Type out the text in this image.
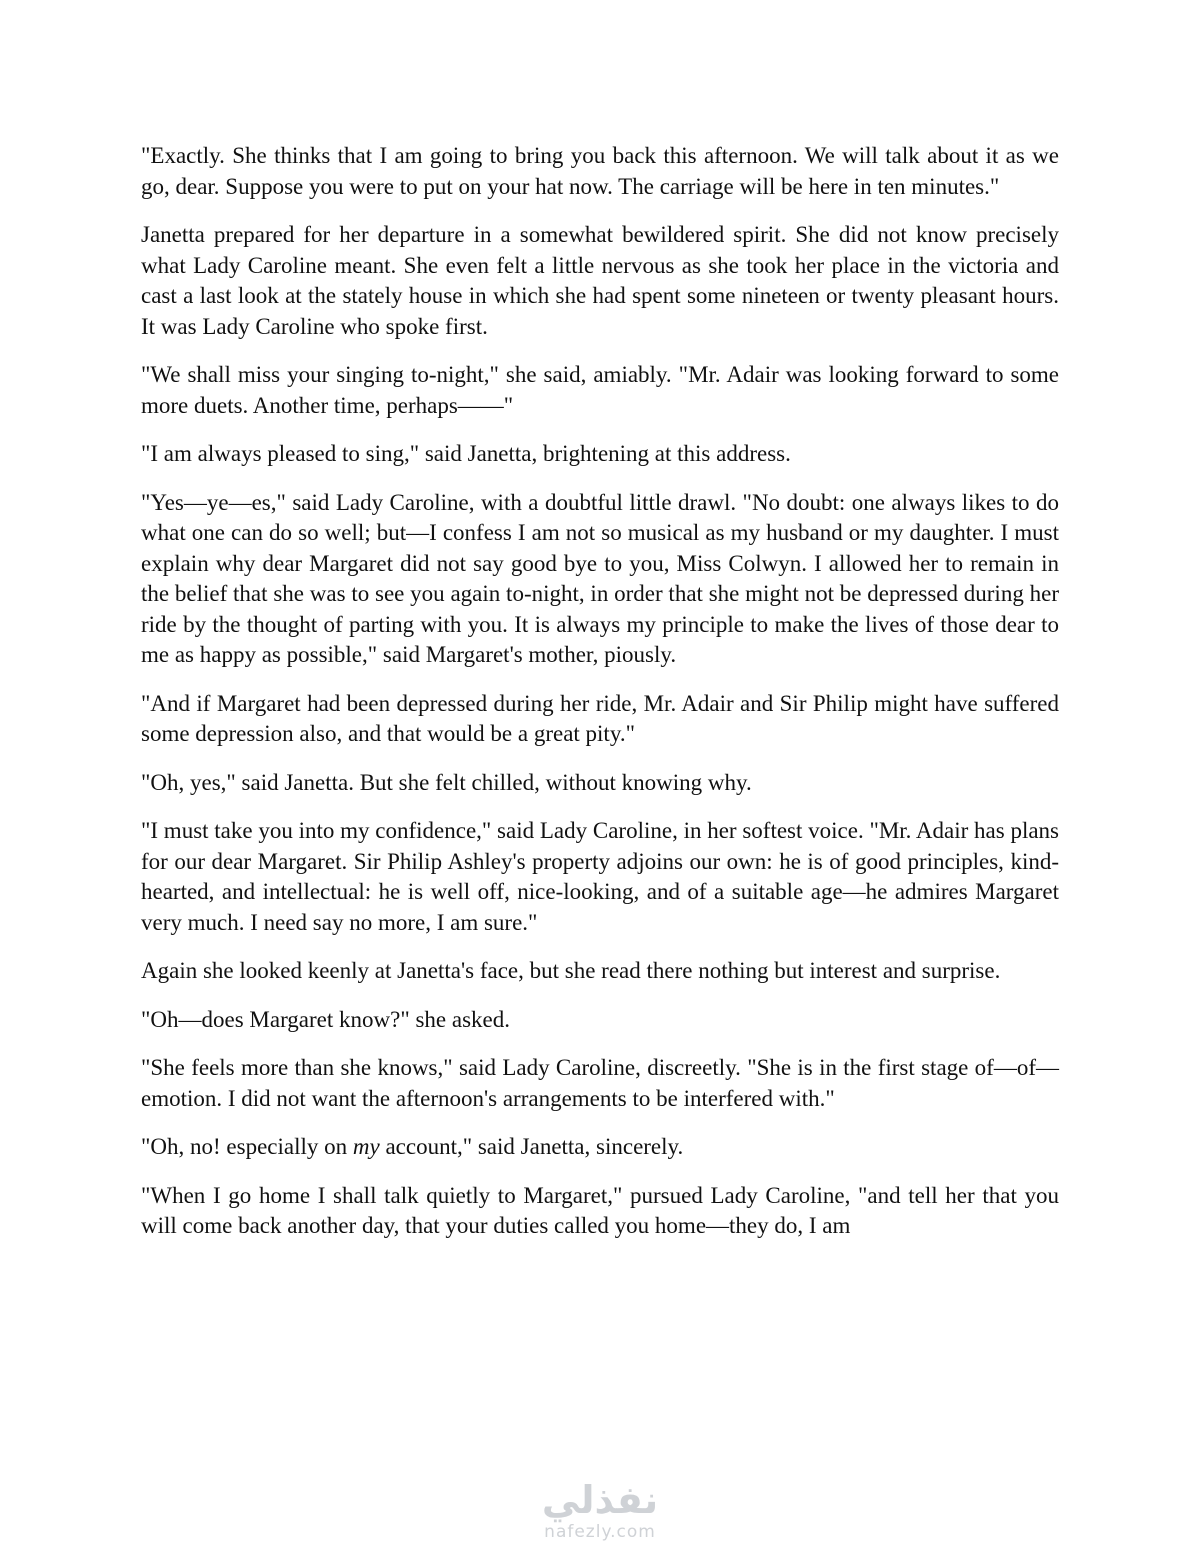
"Exactly. She thinks that I am going to bring you back this afternoon. We will talk about it as we go, dear. Suppose you were to put on your hat now. The carriage will be here in ten minutes."

Janetta prepared for her departure in a somewhat bewildered spirit. She did not know precisely what Lady Caroline meant. She even felt a little nervous as she took her place in the victoria and cast a last look at the stately house in which she had spent some nineteen or twenty pleasant hours. It was Lady Caroline who spoke first.

"We shall miss your singing to-night," she said, amiably. "Mr. Adair was looking forward to some more duets. Another time, perhaps——"

"I am always pleased to sing," said Janetta, brightening at this address.

"Yes—ye—es," said Lady Caroline, with a doubtful little drawl. "No doubt: one always likes to do what one can do so well; but—I confess I am not so musical as my husband or my daughter. I must explain why dear Margaret did not say good bye to you, Miss Colwyn. I allowed her to remain in the belief that she was to see you again to-night, in order that she might not be depressed during her ride by the thought of parting with you. It is always my principle to make the lives of those dear to me as happy as possible," said Margaret's mother, piously.

"And if Margaret had been depressed during her ride, Mr. Adair and Sir Philip might have suffered some depression also, and that would be a great pity."

"Oh, yes," said Janetta. But she felt chilled, without knowing why.

"I must take you into my confidence," said Lady Caroline, in her softest voice. "Mr. Adair has plans for our dear Margaret. Sir Philip Ashley's property adjoins our own: he is of good principles, kind-hearted, and intellectual: he is well off, nice-looking, and of a suitable age—he admires Margaret very much. I need say no more, I am sure."

Again she looked keenly at Janetta's face, but she read there nothing but interest and surprise.

"Oh—does Margaret know?" she asked.

"She feels more than she knows," said Lady Caroline, discreetly. "She is in the first stage of—of—emotion. I did not want the afternoon's arrangements to be interfered with."

"Oh, no! especially on my account," said Janetta, sincerely.

"When I go home I shall talk quietly to Margaret," pursued Lady Caroline, "and tell her that you will come back another day, that your duties called you home—they do, I am

نفذلي
nafezly.com
